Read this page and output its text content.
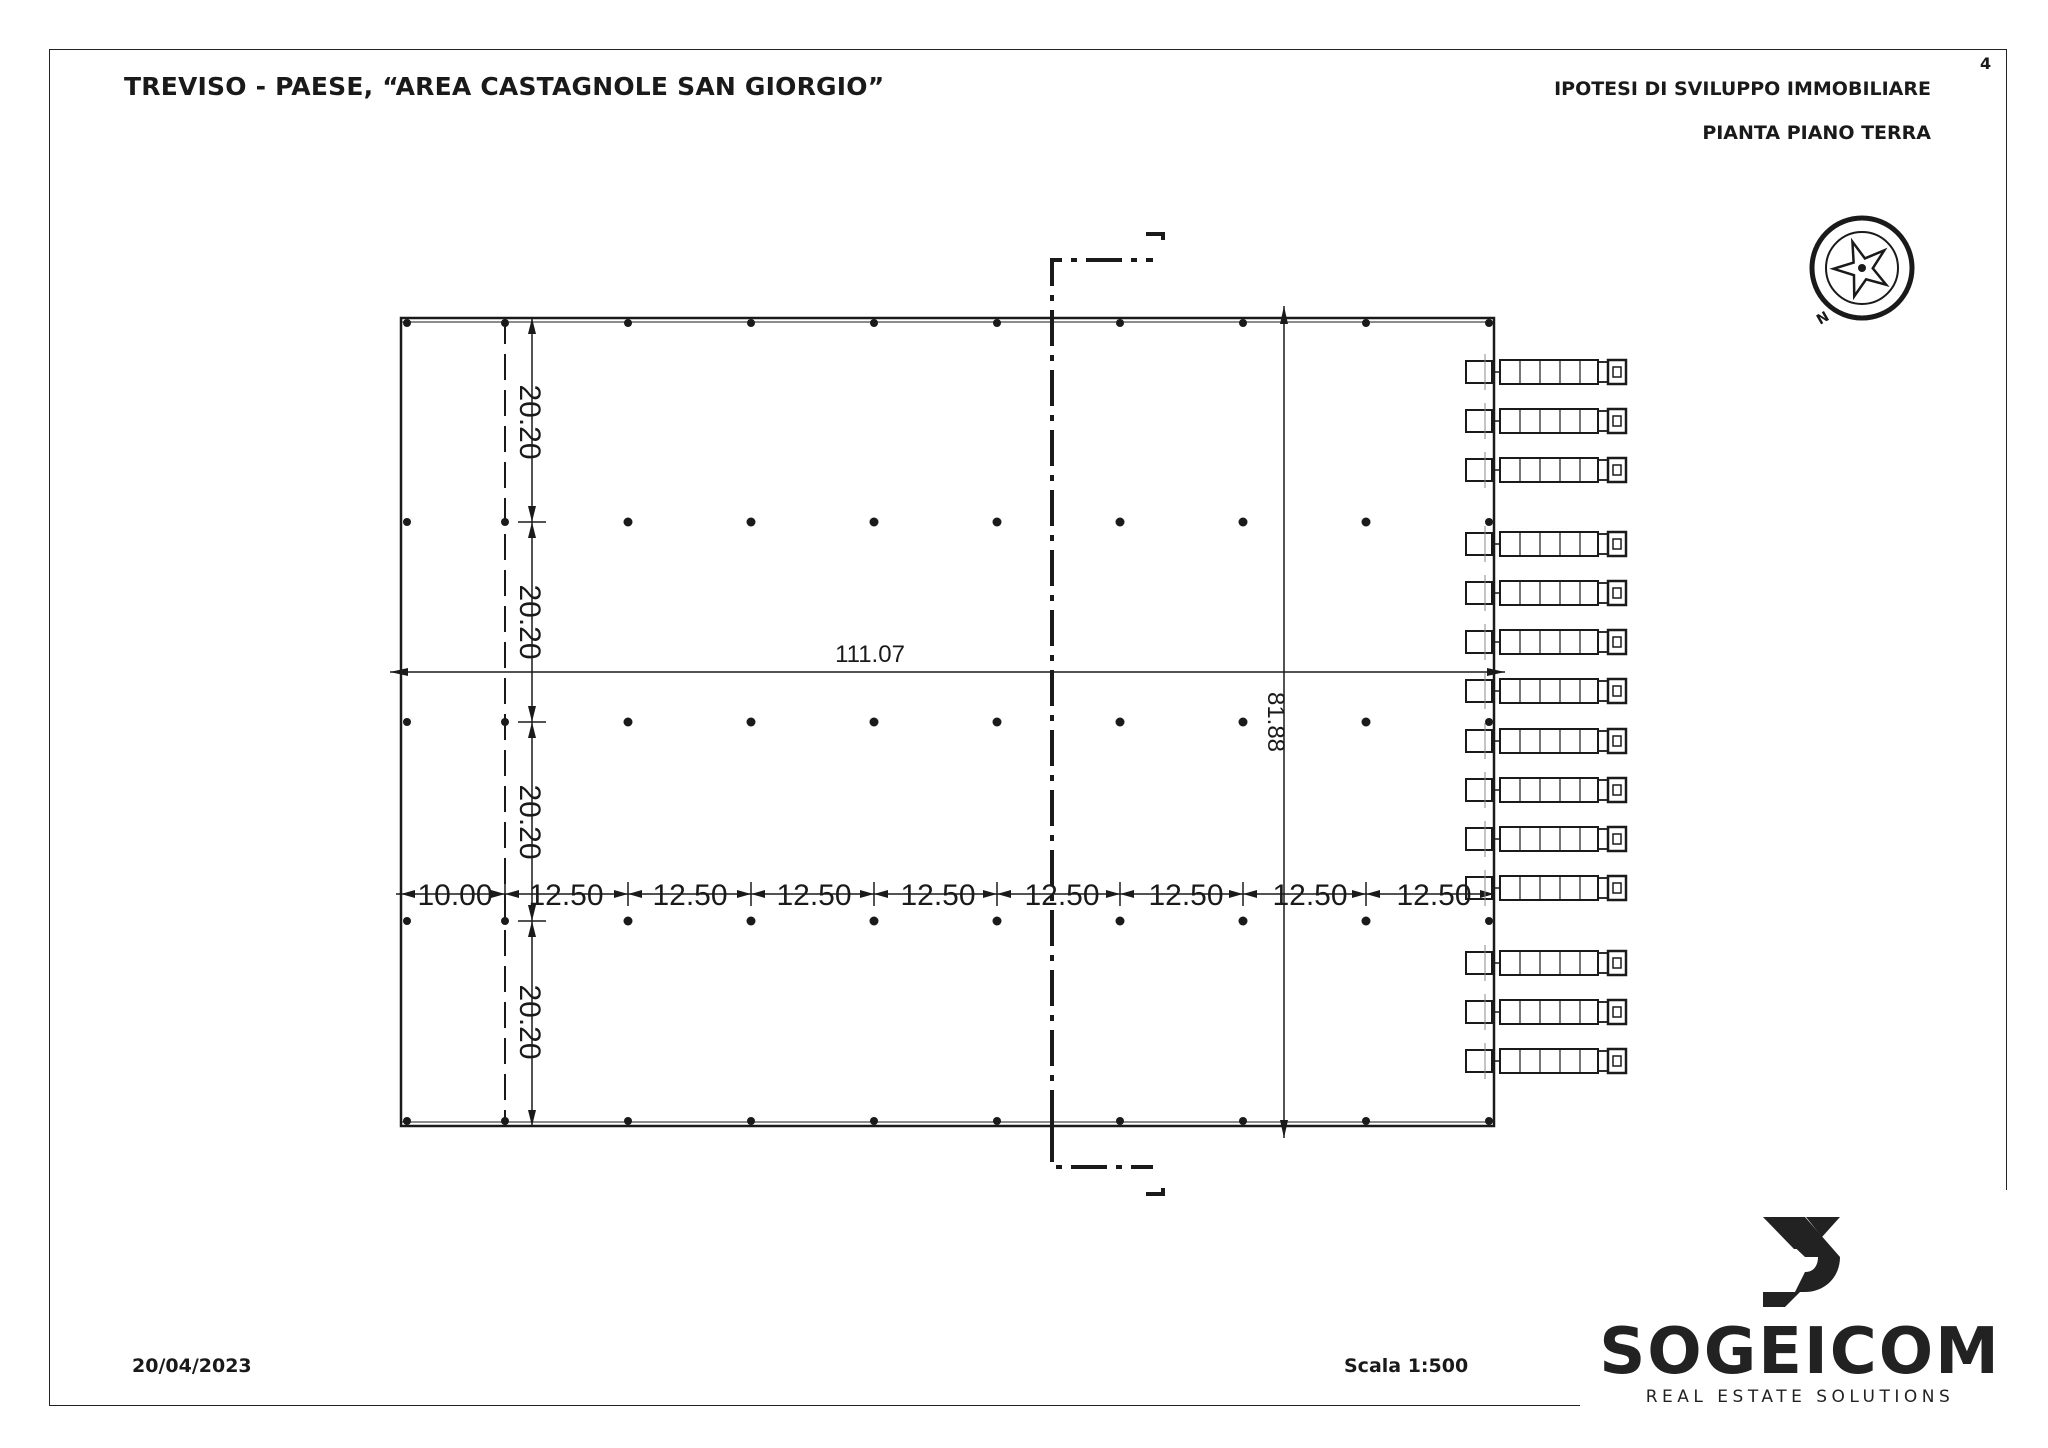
TREVISO - PAESE, “AREA CASTAGNOLE SAN GIORGIO”
4
IPOTESI DI SVILUPPO IMMOBILIARE
PIANTA PIANO TERRA
20/04/2023	Scala 1:500
111.07
81.88
20.20
20.20
20.20
20.20
10.00 12.50 12.50 12.50 12.50 12.50 12.50 12.50 12.50
N
SOGEICOM
REAL ESTATE SOLUTIONS
